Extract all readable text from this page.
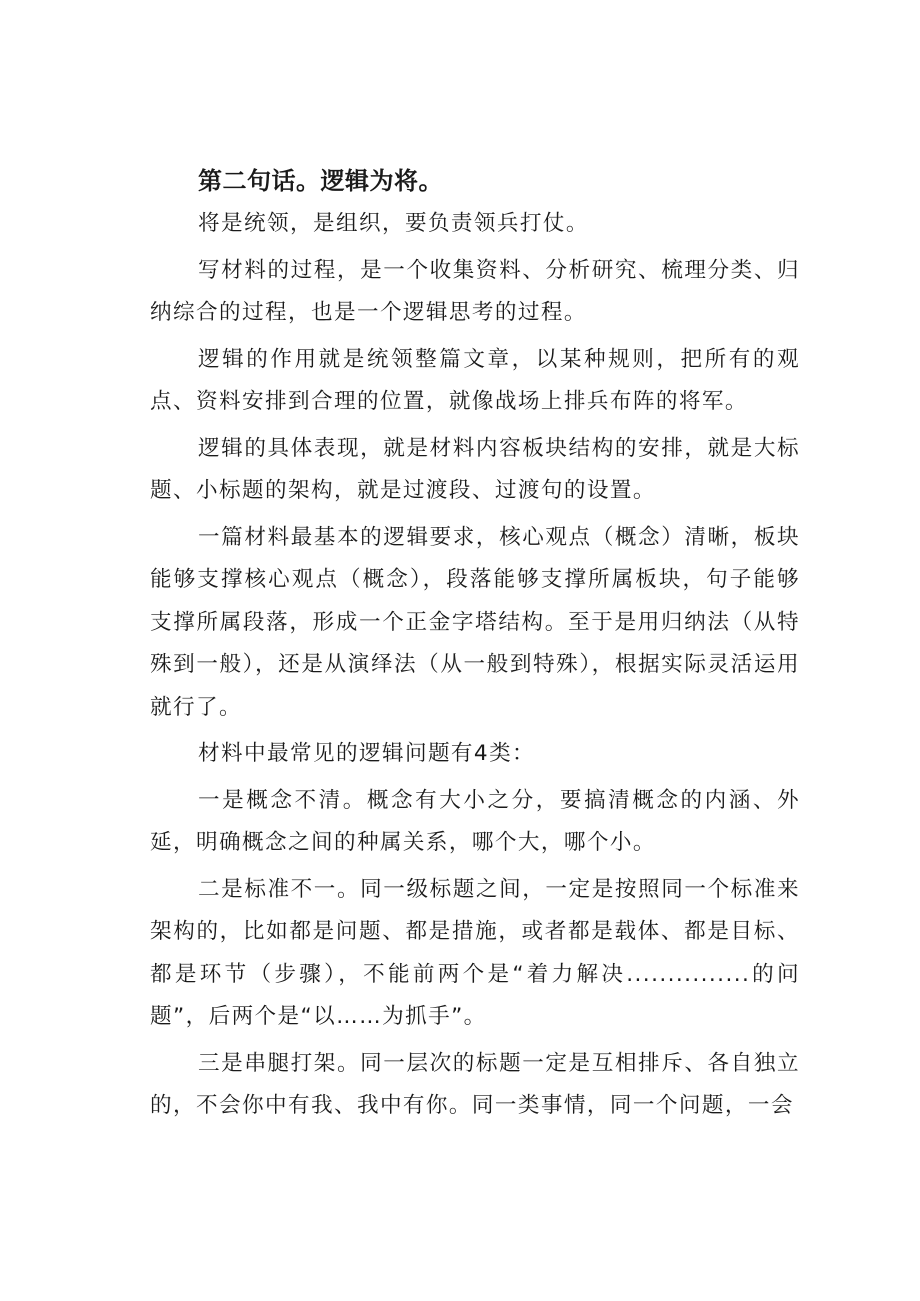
第二句话。逻辑为将。

将是统领，是组织，要负责领兵打仗。

写材料的过程，是一个收集资料、分析研究、梳理分类、归纳综合的过程，也是一个逻辑思考的过程。

逻辑的作用就是统领整篇文章，以某种规则，把所有的观点、资料安排到合理的位置，就像战场上排兵布阵的将军。

逻辑的具体表现，就是材料内容板块结构的安排，就是大标题、小标题的架构，就是过渡段、过渡句的设置。

一篇材料最基本的逻辑要求，核心观点（概念）清晰，板块能够支撑核心观点（概念），段落能够支撑所属板块，句子能够支撑所属段落，形成一个正金字塔结构。至于是用归纳法（从特殊到一般），还是从演绎法（从一般到特殊），根据实际灵活运用就行了。

材料中最常见的逻辑问题有4类：

一是概念不清。概念有大小之分，要搞清概念的内涵、外延，明确概念之间的种属关系，哪个大，哪个小。

二是标准不一。同一级标题之间，一定是按照同一个标准来架构的，比如都是问题、都是措施，或者都是载体、都是目标、都是环节（步骤），不能前两个是“着力解决...............的问题”，后两个是“以……为抓手”。

三是串腿打架。同一层次的标题一定是互相排斥、各自独立的，不会你中有我、我中有你。同一类事情，同一个问题，一会
